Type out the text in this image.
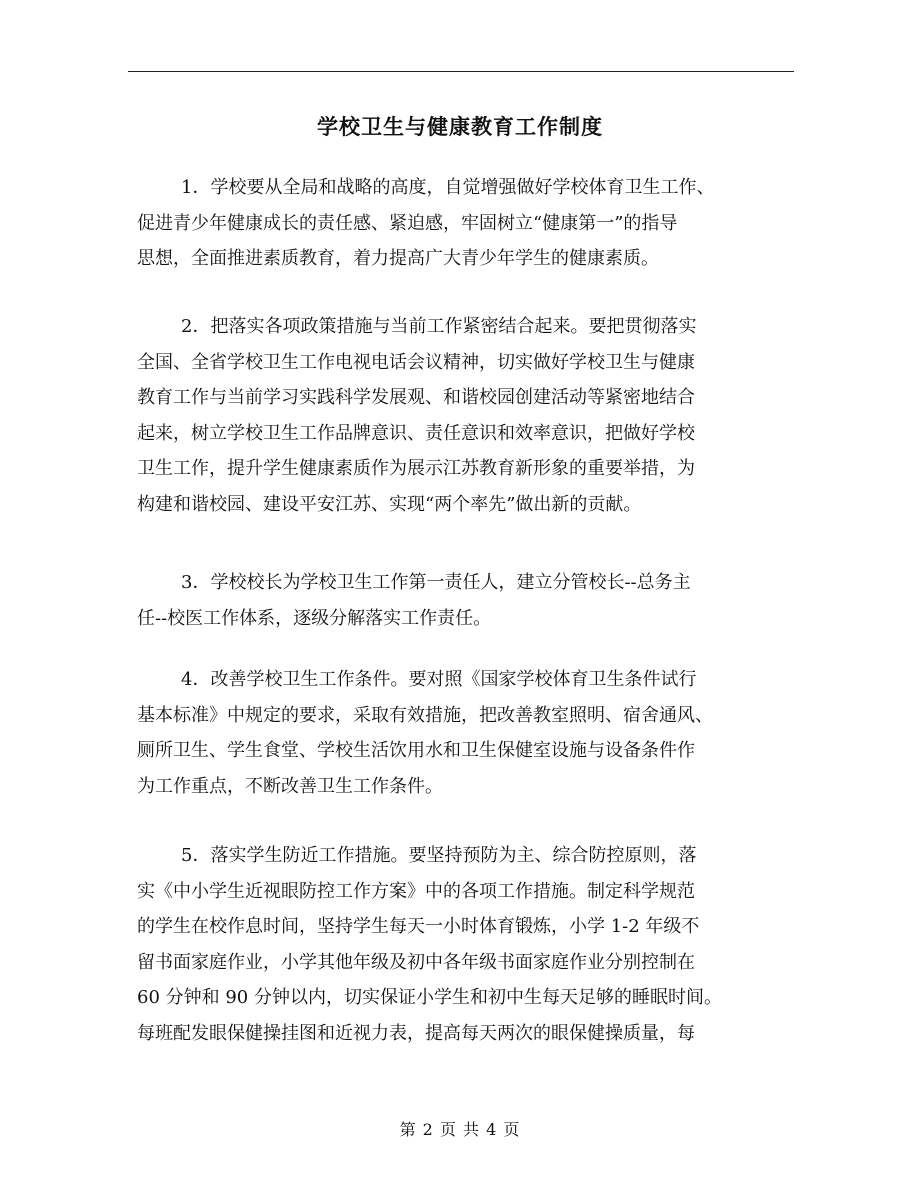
学校卫生与健康教育工作制度
1．学校要从全局和战略的高度，自觉增强做好学校体育卫生工作、
促进青少年健康成长的责任感、紧迫感，牢固树立“健康第一”的指导
思想，全面推进素质教育，着力提高广大青少年学生的健康素质。
2．把落实各项政策措施与当前工作紧密结合起来。要把贯彻落实
全国、全省学校卫生工作电视电话会议精神，切实做好学校卫生与健康
教育工作与当前学习实践科学发展观、和谐校园创建活动等紧密地结合
起来，树立学校卫生工作品牌意识、责任意识和效率意识，把做好学校
卫生工作，提升学生健康素质作为展示江苏教育新形象的重要举措，为
构建和谐校园、建设平安江苏、实现“两个率先”做出新的贡献。
3．学校校长为学校卫生工作第一责任人，建立分管校长--总务主
任--校医工作体系，逐级分解落实工作责任。
4．改善学校卫生工作条件。要对照《国家学校体育卫生条件试行
基本标准》中规定的要求，采取有效措施，把改善教室照明、宿舍通风、
厕所卫生、学生食堂、学校生活饮用水和卫生保健室设施与设备条件作
为工作重点，不断改善卫生工作条件。
5．落实学生防近工作措施。要坚持预防为主、综合防控原则，落
实《中小学生近视眼防控工作方案》中的各项工作措施。制定科学规范
的学生在校作息时间，坚持学生每天一小时体育锻炼，小学 1-2 年级不
留书面家庭作业，小学其他年级及初中各年级书面家庭作业分别控制在
60 分钟和 90 分钟以内，切实保证小学生和初中生每天足够的睡眠时间。
每班配发眼保健操挂图和近视力表，提高每天两次的眼保健操质量，每
第 2 页 共 4 页
